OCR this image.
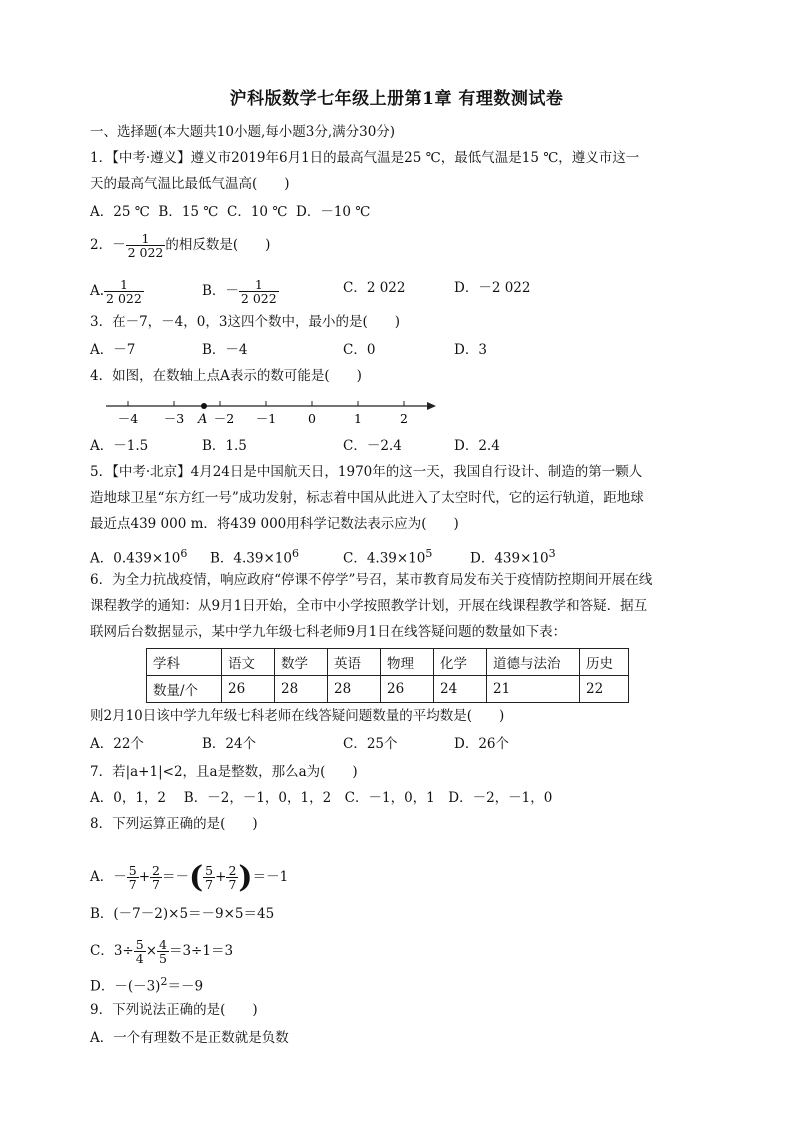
沪科版数学七年级上册第1章 有理数测试卷
一、选择题(本大题共10小题,每小题3分,满分30分)
1．【中考·遵义】遵义市2019年6月1日的最高气温是25 ℃，最低气温是15 ℃，遵义市这一
天的最高气温比最低气温高(　　)
A．25 ℃ B．15 ℃ C．10 ℃ D．－10 ℃
2．－ $\frac{1}{2 022}$ 的相反数是(　　)
A. $\frac{1}{2 022}$	B．－ $\frac{1}{2 022}$	C．2 022	D．－2 022
3．在－7，－4，0，3这四个数中，最小的是(　　)
A．－7	B．－4	C．0	D．3
4．如图，在数轴上点A表示的数可能是(　　)
－4 －3 －2 －1	0	1	2
A
A．－1.5	B．1.5	C．－2.4	D．2.4
5．【中考·北京】4月24日是中国航天日，1970年的这一天，我国自行设计、制造的第一颗人
造地球卫星“东方红一号”成功发射，标志着中国从此进入了太空时代，它的运行轨道，距地球
最近点439 000 m．将439 000用科学记数法表示应为(　　)
A．$0.439\times 10^6$ B．$4.39\times 10^6$	C．$4.39\times 10^5$	D．$439\times 10^3$
6．为全力抗战疫情，响应政府“停课不停学”号召，某市教育局发布关于疫情防控期间开展在线
课程教学的通知：从9月1日开始，全市中小学按照教学计划，开展在线课程教学和答疑．据互
联网后台数据显示，某中学九年级七科老师9月1日在线答疑问题的数量如下表：
学科	语文	数学	英语	物理	化学	道德与法治	历史
数量/个	26	28	28	26	24	21	22
则2月10日该中学九年级七科老师在线答疑问题数量的平均数是(　　)
A．22个	B．24个	C．25个	D．26个
7．若|a+1|<2，且a是整数，那么a为(　　)
A．0，1，2　 B．－2，－1，0，1，2　C．－1，0，1　D．－2，－1，0
8．下列运算正确的是(　　)
A．－ $\frac{5}{7} + \frac{2}{7}$ ＝－( $\frac{5}{7} + \frac{2}{7} )=-1$
B．(－7－2)×5＝－9×5＝45
C．$3\div \frac{5}{4} \times \frac{4}{5} =3\div 1=3$
D．$-(-3)^2=-9$
9．下列说法正确的是(　　)
A．一个有理数不是正数就是负数
